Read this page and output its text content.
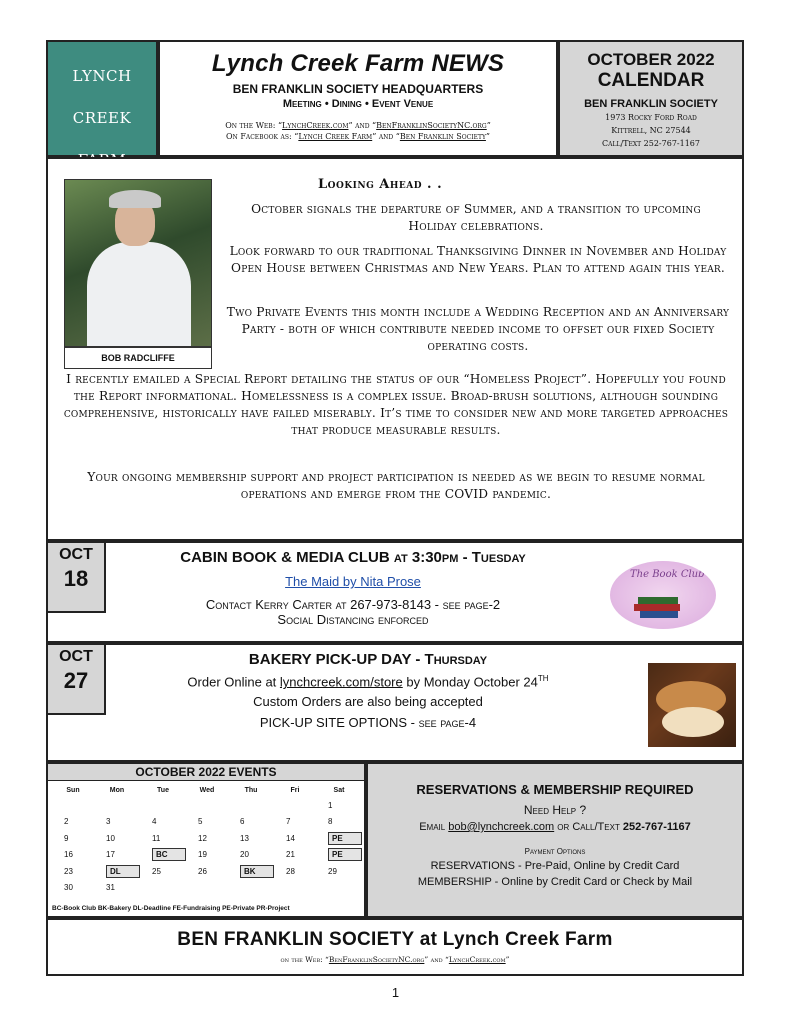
LYNCH
CREEK
FARM
MEETING DINING & EVENT VENUE
Lynch Creek Farm NEWS
BEN FRANKLIN SOCIETY HEADQUARTERS
Meeting • Dining • Event Venue
On the Web: “LynchCreek.com” and “BenFranklinSocietyNC.org”
On Facebook as: “Lynch Creek Farm” and “Ben Franklin Society”
OCTOBER 2022
CALENDAR
BEN FRANKLIN SOCIETY
1973 Rocky Ford Road
Kittrell, NC 27544
Call/Text 252-767-1167
BOB RADCLIFFE
Looking Ahead . .

October signals the departure of Summer, and a transition to upcoming Holiday celebrations.

Look forward to our traditional Thanksgiving Dinner in November and Holiday Open House between Christmas and New Years. Plan to attend again this year.

Two Private Events this month include a Wedding Reception and an Anniversary Party - both of which contribute needed income to offset our fixed Society operating costs.

I recently emailed a Special Report detailing the status of our “Homeless Project”. Hopefully you found the Report informational. Homelessness is a complex issue. Broad-brush solutions, although sounding comprehensive, historically have failed miserably. It’s time to consider new and more targeted approaches that produce measurable results.

Your ongoing membership support and project participation is needed as we begin to resume normal operations and emerge from the COVID pandemic.

OCT
18
CABIN BOOK & MEDIA CLUB at 3:30pm - Tuesday
The Maid by Nita Prose
Contact Kerry Carter at 267-973-8143 - see page-2
Social Distancing enforced
The Book Club
OCT
27
BAKERY PICK-UP DAY - Thursday
Order Online at lynchcreek.com/store by Monday October 24TH
Custom Orders are also being accepted
PICK-UP SITE OPTIONS - see page-4
OCTOBER 2022 EVENTS
Sun	Mon	Tue	Wed	Thu	Fri	Sat
						1
2	3	4	5	6	7	8
9	10	11	12	13	14	PE
16	17	BC	19	20	21	PE
23	DL	25	26	BK	28	29
30	31					
BC-Book Club BK-Bakery DL-Deadline FE-Fundraising PE-Private PR-Project
RESERVATIONS & MEMBERSHIP REQUIRED
Need Help ?
Email bob@lynchcreek.com or Call/Text 252-767-1167
Payment Options
RESERVATIONS - Pre-Paid, Online by Credit Card
MEMBERSHIP - Online by Credit Card or Check by Mail
BEN FRANKLIN SOCIETY at Lynch Creek Farm
on the Web: “BenFranklinSocietyNC.org” and “LynchCreek.com”
1
